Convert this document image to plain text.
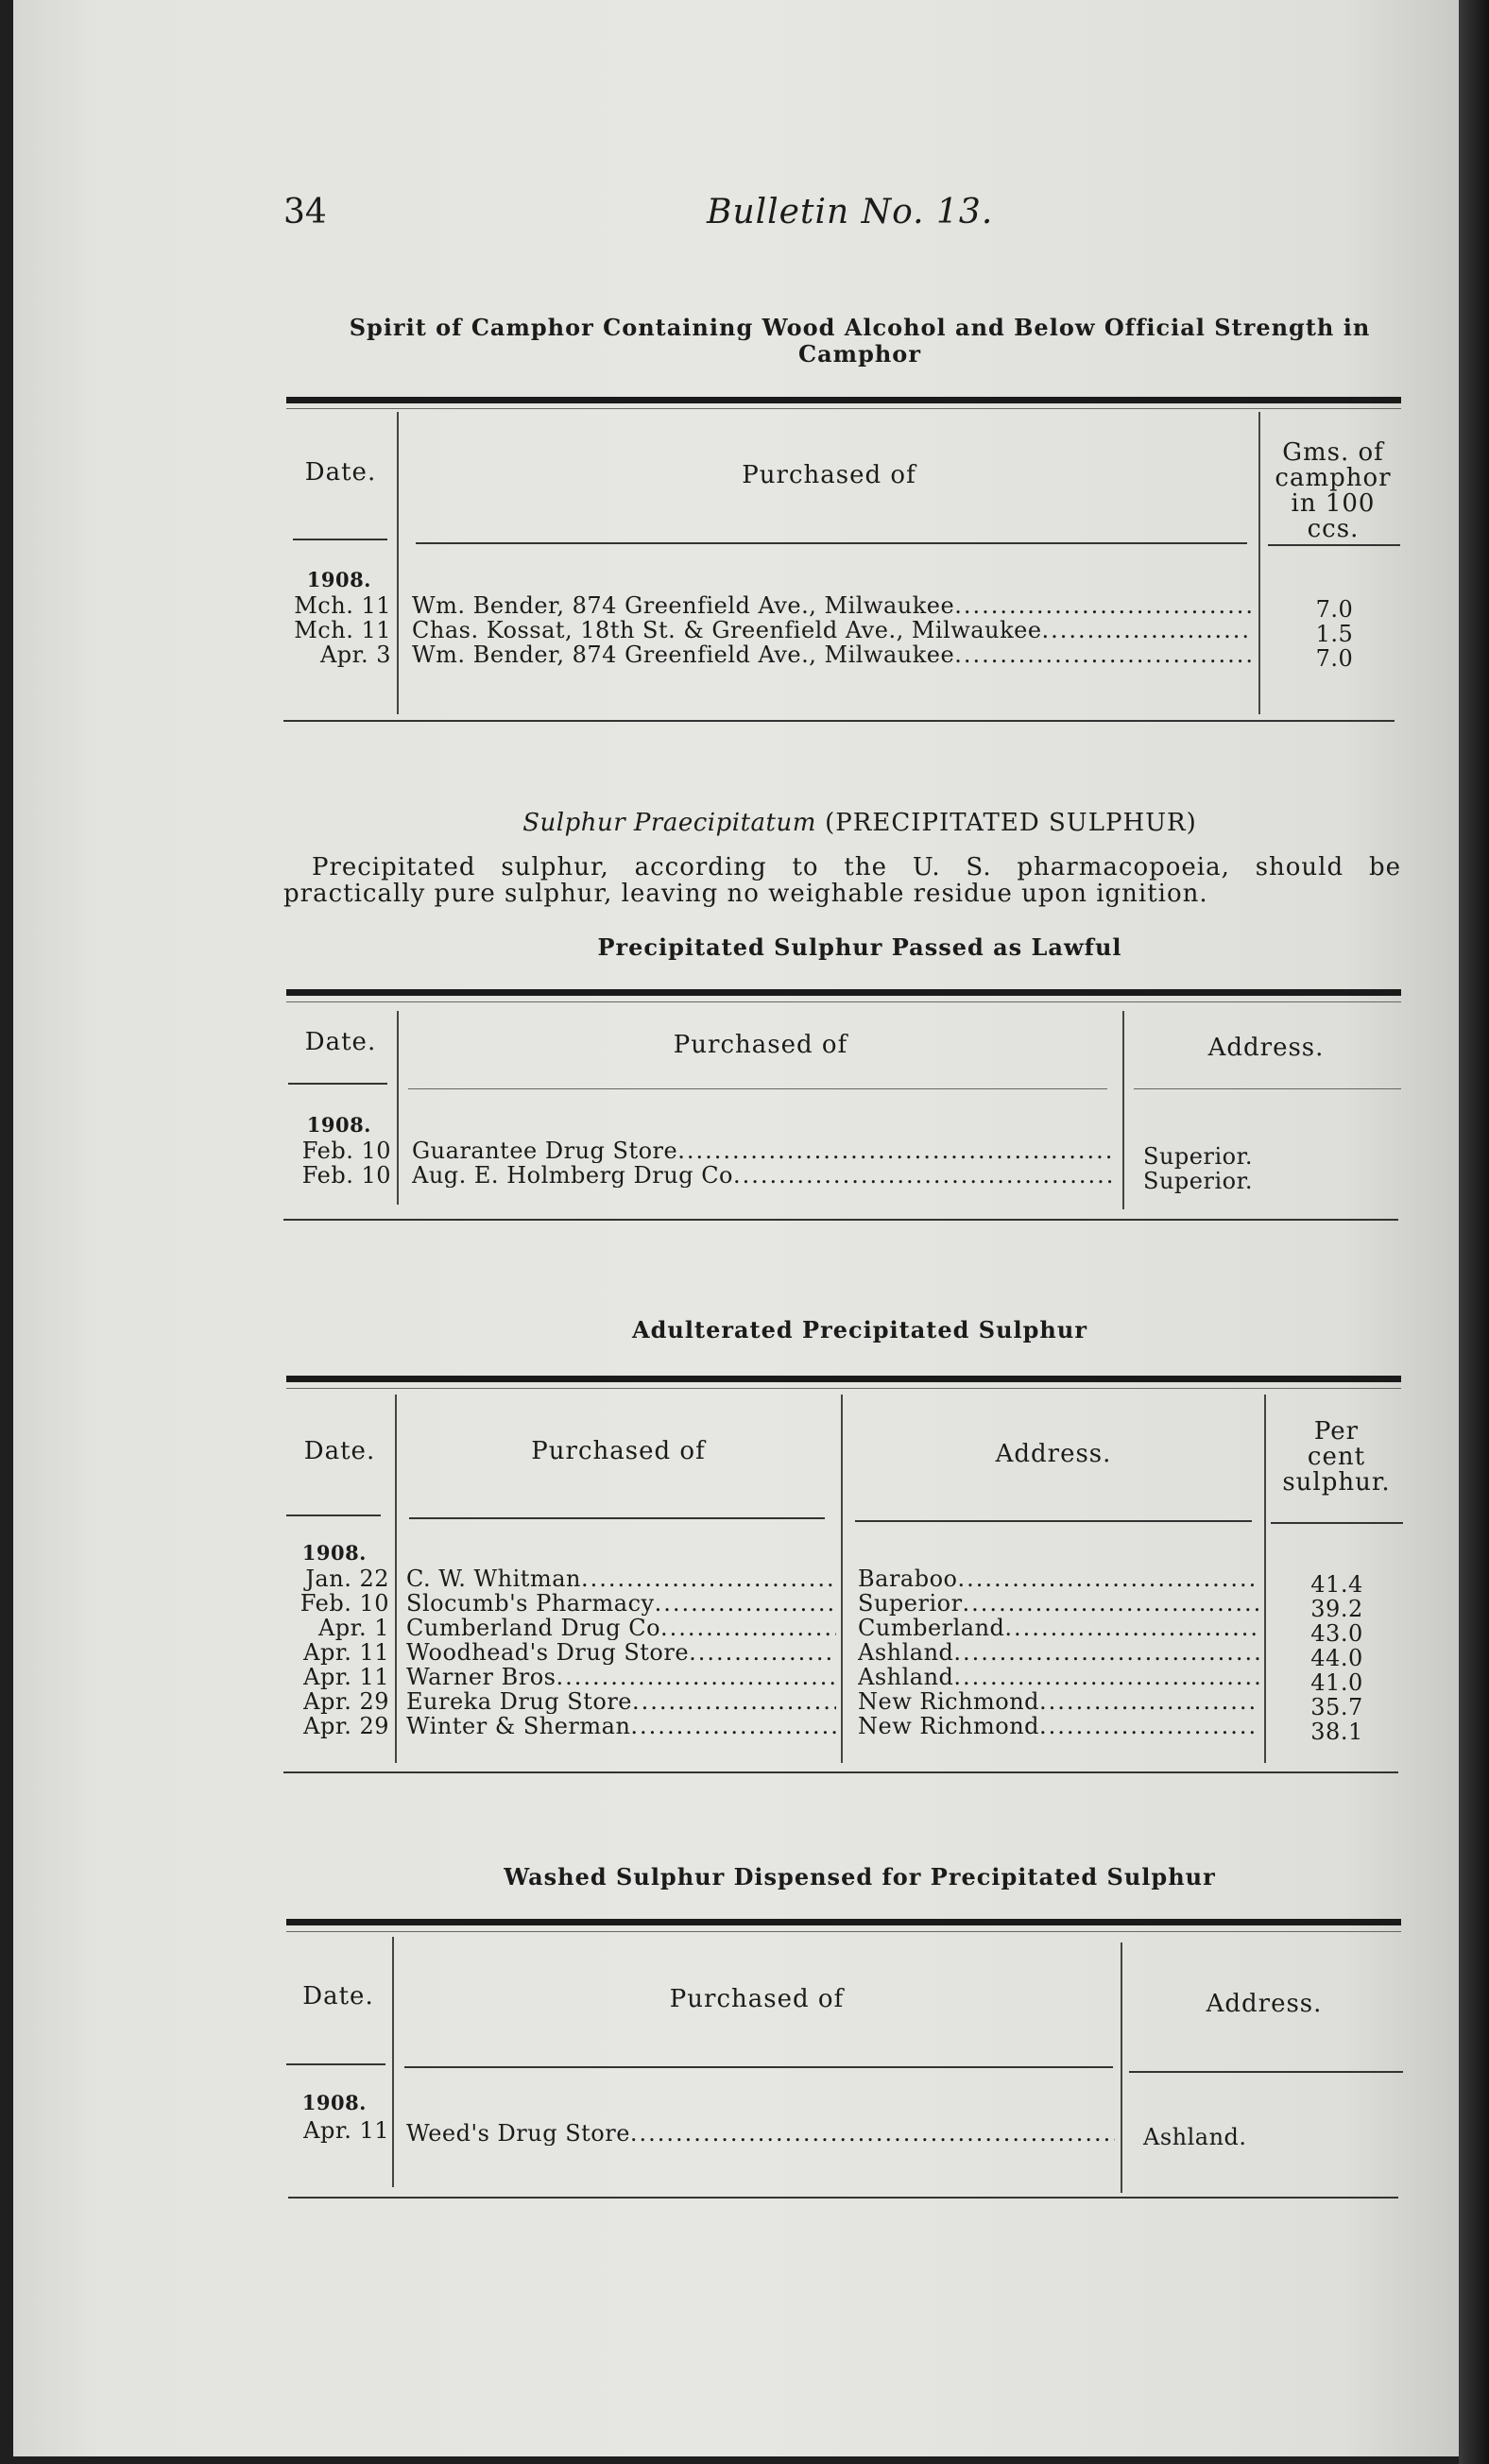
34	Bulletin No. 13.
Spirit of Camphor Containing Wood Alcohol and Below Official Strength in
Camphor
Date.	Purchased of
Gms. of
camphor
in 100 ccs.
1908.
Mch. 11 Wm. Bender, 874 Greenfield Ave., Milwaukee .....	7.0
Mch. 11 Chas. Kossat, 18th St. & Greenfield Ave., Milwaukee .....	1.5
Apr. 3 Wm. Bender, 874 Greenfield Ave., Milwaukee .....	7.0
Sulphur Praecipitatum (PRECIPITATED SULPHUR)
Precipitated sulphur, according to the U. S. pharmacopoeia, should be practically pure sulphur, leaving no weighable residue upon ignition.
Precipitated Sulphur Passed as Lawful
Date.	Purchased of	Address.
1908.
Feb. 10 Guarantee Drug Store .....	Superior.
Feb. 10 Aug. E. Holmberg Drug Co .....	Superior.
Adulterated Precipitated Sulphur
Date.	Purchased of	Address.
Per
cent
sulphur.
1908.
Jan. 22 C. W. Whitman .....	Baraboo .....	41.4
Feb. 10 Slocumb's Pharmacy .....	Superior .....	39.2
Apr. 1 Cumberland Drug Co .....	Cumberland .....	43.0
Apr. 11 Woodhead's Drug Store .....	Ashland .....	44.0
Apr. 11 Warner Bros .....	Ashland .....	41.0
Apr. 29 Eureka Drug Store .....	New Richmond .....	35.7
Apr. 29 Winter & Sherman .....	New Richmond .....	38.1
Washed Sulphur Dispensed for Precipitated Sulphur
Date.	Purchased of	Address.
1908.
Apr. 11 Weed's Drug Store .....	Ashland.
